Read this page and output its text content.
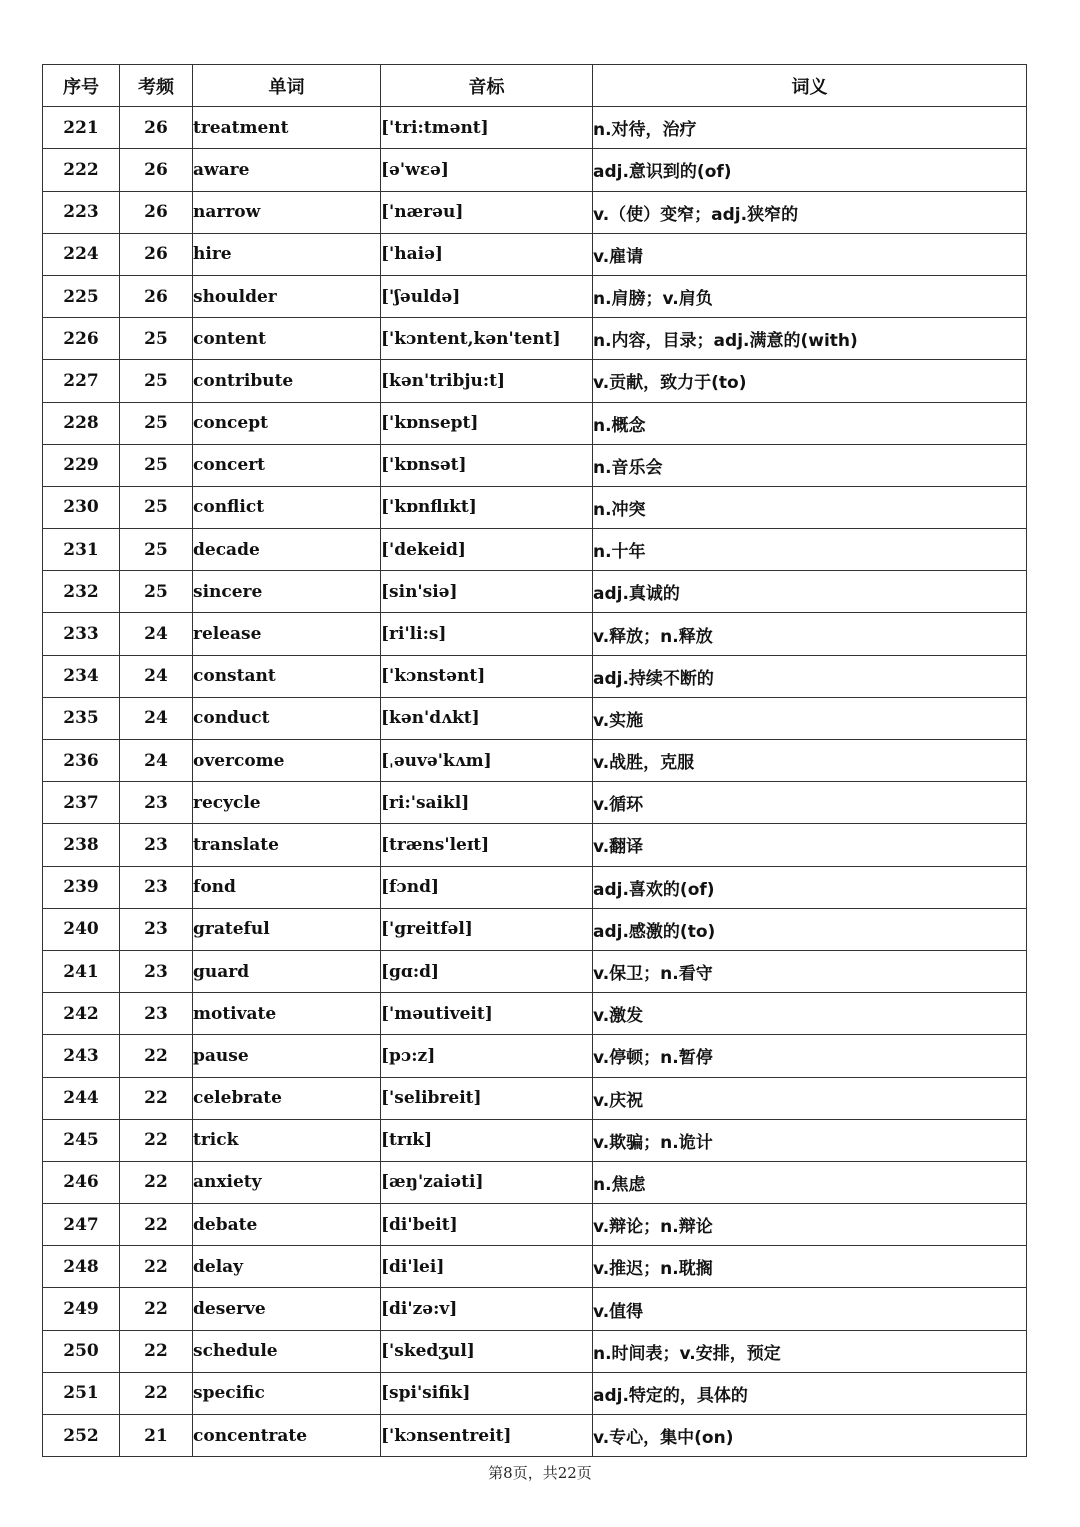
序号	考频	单词	音标	词义
221	26	treatment	['tri:tmənt]	n.对待，治疗
222	26	aware	[ə'wεə]	adj.意识到的(of)
223	26	narrow	['nærəu]	v.（使）变窄；adj.狭窄的
224	26	hire	['haiə]	v.雇请
225	26	shoulder	['ʃəuldə]	n.肩膀；v.肩负
226	25	content	['kɔntent,kən'tent]	n.内容，目录；adj.满意的(with)
227	25	contribute	[kən'tribju:t]	v.贡献，致力于(to)
228	25	concept	['kɒnsept]	n.概念
229	25	concert	['kɒnsət]	n.音乐会
230	25	conflict	['kɒnflɪkt]	n.冲突
231	25	decade	['dekeid]	n.十年
232	25	sincere	[sin'siə]	adj.真诚的
233	24	release	[ri'li:s]	v.释放；n.释放
234	24	constant	['kɔnstənt]	adj.持续不断的
235	24	conduct	[kən'dʌkt]	v.实施
236	24	overcome	[ˌəuvə'kʌm]	v.战胜，克服
237	23	recycle	[ri:'saikl]	v.循环
238	23	translate	[træns'leɪt]	v.翻译
239	23	fond	[fɔnd]	adj.喜欢的(of)
240	23	grateful	['greitfəl]	adj.感激的(to)
241	23	guard	[gɑ:d]	v.保卫；n.看守
242	23	motivate	['məutiveit]	v.激发
243	22	pause	[pɔ:z]	v.停顿；n.暂停
244	22	celebrate	['selibreit]	v.庆祝
245	22	trick	[trɪk]	v.欺骗；n.诡计
246	22	anxiety	[æŋ'zaiəti]	n.焦虑
247	22	debate	[di'beit]	v.辩论；n.辩论
248	22	delay	[di'lei]	v.推迟；n.耽搁
249	22	deserve	[di'zə:v]	v.值得
250	22	schedule	['skedʒul]	n.时间表；v.安排，预定
251	22	specific	[spi'sifik]	adj.特定的，具体的
252	21	concentrate	['kɔnsentreit]	v.专心，集中(on)
第8页，共22页
